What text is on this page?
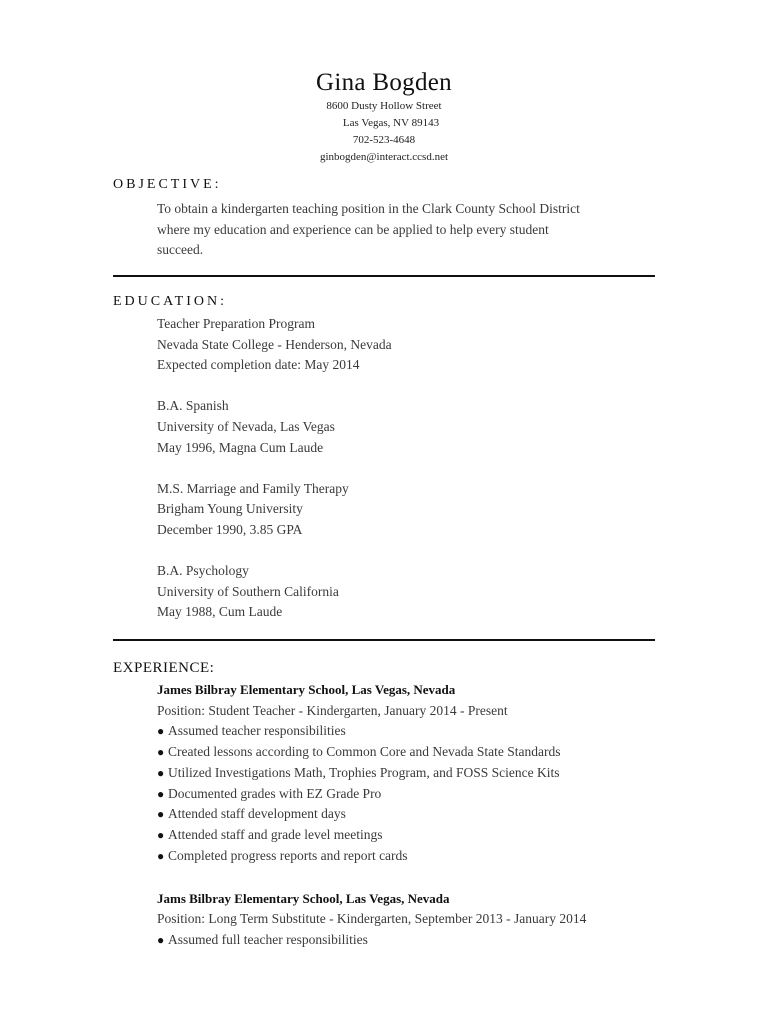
Gina Bogden
8600 Dusty Hollow Street
Las Vegas, NV 89143
702-523-4648
ginbogden@interact.ccsd.net
OBJECTIVE:
To obtain a kindergarten teaching position in the Clark County School District
where my education and experience can be applied to help every student
succeed.
EDUCATION:
Teacher Preparation Program
Nevada State College - Henderson, Nevada
Expected completion date: May 2014
B.A. Spanish
University of Nevada, Las Vegas
May 1996, Magna Cum Laude
M.S. Marriage and Family Therapy
Brigham Young University
December 1990, 3.85 GPA
B.A. Psychology
University of Southern California
May 1988, Cum Laude
EXPERIENCE:
James Bilbray Elementary School, Las Vegas, Nevada
Position: Student Teacher - Kindergarten, January 2014 - Present
● Assumed teacher responsibilities
● Created lessons according to Common Core and Nevada State Standards
● Utilized Investigations Math, Trophies Program, and FOSS Science Kits
● Documented grades with EZ Grade Pro
● Attended staff development days
● Attended staff and grade level meetings
● Completed progress reports and report cards
Jams Bilbray Elementary School, Las Vegas, Nevada
Position: Long Term Substitute - Kindergarten, September 2013 - January 2014
● Assumed full teacher responsibilities
